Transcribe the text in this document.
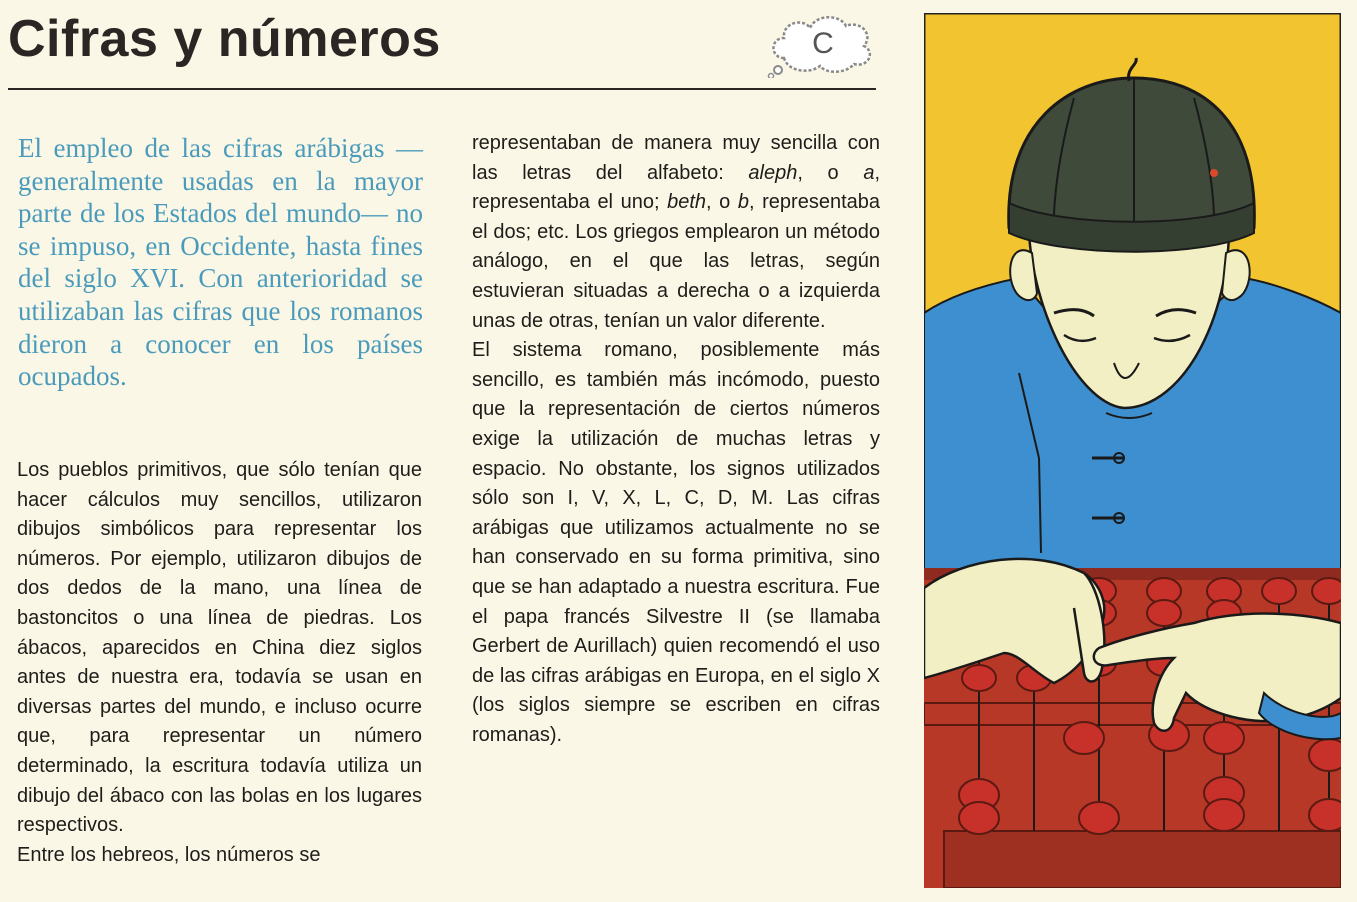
Cifras y números	C

El empleo de las cifras arábigas —generalmente usadas en la mayor parte de los Estados del mundo— no se impuso, en Occidente, hasta fines del siglo XVI. Con anterioridad se utilizaban las cifras que los romanos dieron a conocer en los países ocupados.

Los pueblos primitivos, que sólo tenían que hacer cálculos muy sencillos, utilizaron dibujos simbólicos para representar los números. Por ejemplo, utilizaron dibujos de dos dedos de la mano, una línea de bastoncitos o una línea de piedras. Los ábacos, aparecidos en China diez siglos antes de nuestra era, todavía se usan en diversas partes del mundo, e incluso ocurre que, para representar un número determinado, la escritura todavía utiliza un dibujo del ábaco con las bolas en los lugares respectivos.

Entre los hebreos, los números se

representaban de manera muy sencilla con las letras del alfabeto: aleph, o a, representaba el uno; beth, o b, representaba el dos; etc. Los griegos emplearon un método análogo, en el que las letras, según estuvieran situadas a derecha o a izquierda unas de otras, tenían un valor diferente.

El sistema romano, posiblemente más sencillo, es también más incómodo, puesto que la representación de ciertos números exige la utilización de muchas letras y espacio. No obstante, los signos utilizados sólo son I, V, X, L, C, D, M. Las cifras arábigas que utilizamos actualmente no se han conservado en su forma primitiva, sino que se han adaptado a nuestra escritura. Fue el papa francés Silvestre II (se llamaba Gerbert de Aurillach) quien recomendó el uso de las cifras arábigas en Europa, en el siglo X (los siglos siempre se escriben en cifras romanas).
